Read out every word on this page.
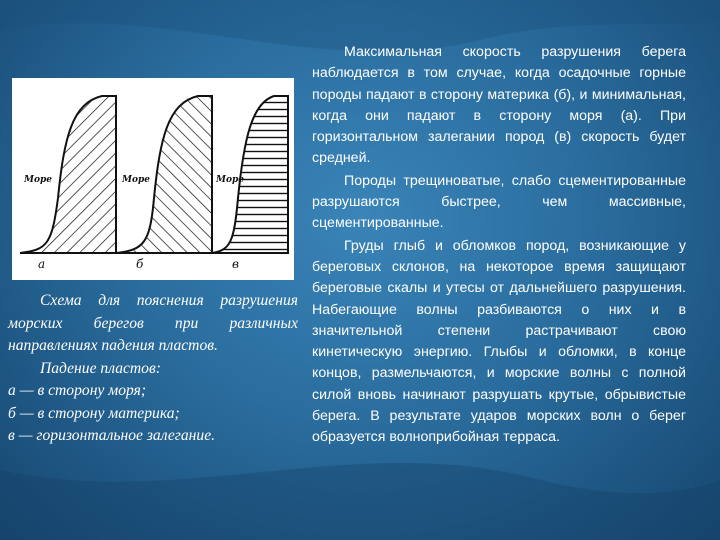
Море	Море	Море
а	б	в
Схема для пояснения разрушения морских берегов при различных направлениях падения пластов.
Падение пластов:
а — в сторону моря;
б — в сторону материка;
в — горизонтальное залегание.
Максимальная скорость разрушения берега наблюдается в том случае, когда осадочные горные породы падают в сторону материка (б), и минимальная, когда они падают в сторону моря (а). При горизонтальном залегании пород (в) скорость будет средней.
Породы трещиноватые, слабо сцементированные разрушаются быстрее, чем массивные, сцементированные.
Груды глыб и обломков пород, возникающие у береговых склонов, на некоторое время защищают береговые скалы и утесы от дальнейшего разрушения. Набегающие волны разбиваются о них и в значительной степени растрачивают свою кинетическую энергию. Глыбы и обломки, в конце концов, размельчаются, и морские волны с полной силой вновь начинают разрушать крутые, обрывистые берега. В результате ударов морских волн о берег образуется волноприбойная терраса.
